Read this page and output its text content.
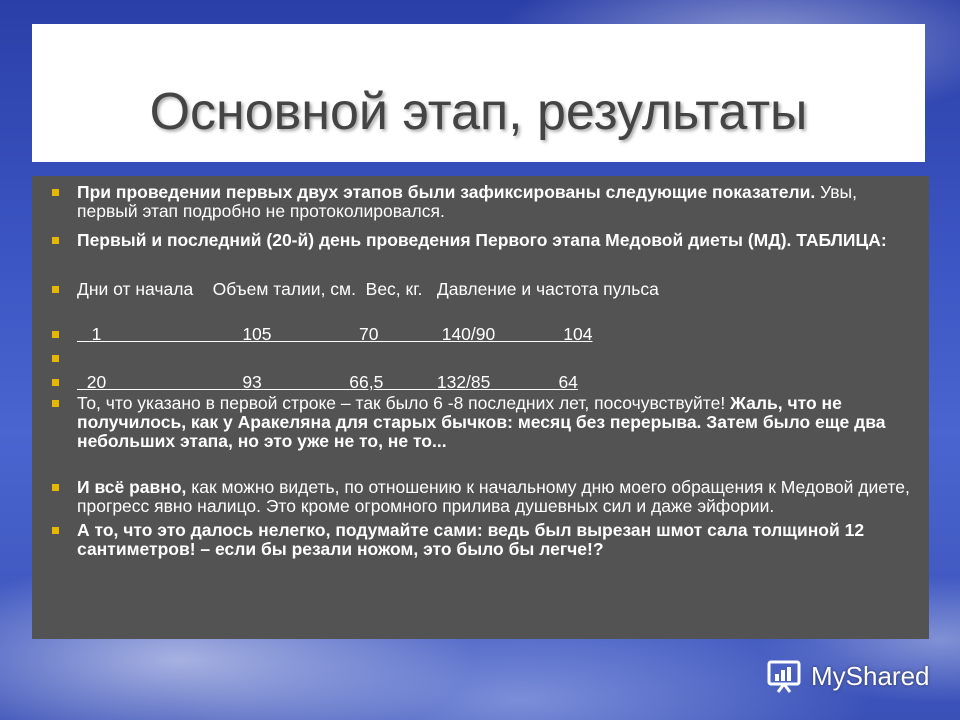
Основной этап, результаты
При проведении первых двух этапов были зафиксированы следующие показатели. Увы, первый этап подробно не протоколировался.
Первый и последний (20-й) день проведения Первого этапа Медовой диеты (МД). ТАБЛИЦА:
Дни от начала    Объем талии, см.  Вес, кг.   Давление и частота пульса
1                             105                  70             140/90              104
20                            93                  66,5           132/85              64
То, что указано в первой строке – так было 6 -8 последних лет, посочувствуйте! Жаль, что не получилось, как у Аракеляна для старых бычков: месяц без перерыва. Затем было еще два небольших этапа, но это уже не то, не то...
И всё равно, как можно видеть, по отношению к начальному дню моего обращения к Медовой диете, прогресс явно налицо. Это кроме огромного прилива душевных сил и даже эйфории.
А то, что это далось нелегко, подумайте сами: ведь был вырезан шмот сала толщиной 12 сантиметров! – если бы резали ножом, это было бы легче!?
MyShared
